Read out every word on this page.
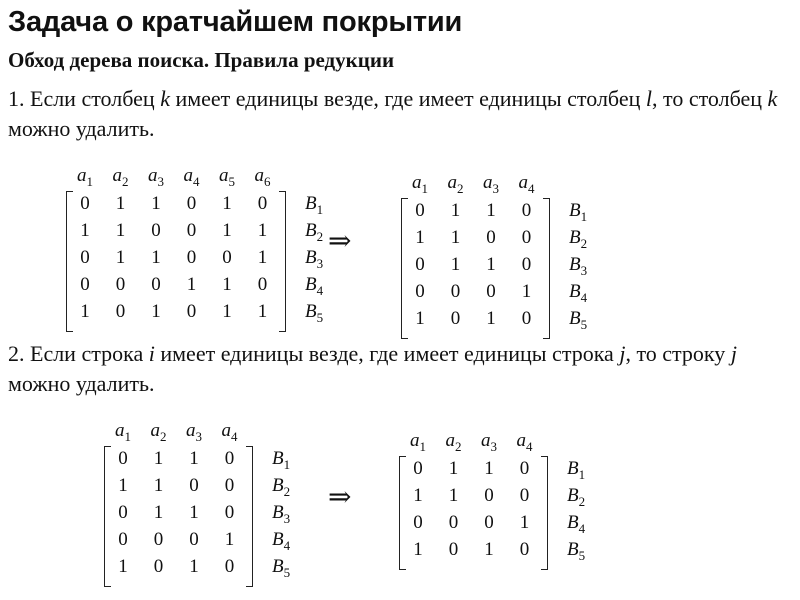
Задача о кратчайшем покрытии
Обход дерева поиска. Правила редукции
1. Если столбец k имеет единицы везде, где имеет единицы столбец l, то столбец k можно удалить.
$a_1$	$a_2$	$a_3$	$a_4$	$a_5$	$a_6$
0	1	1	0	1	0	$B_1$
1	1	0	0	1	1	$B_2$
0	1	1	0	0	1	$B_3$
0	0	0	1	1	0	$B_4$
1	0	1	0	1	1	$B_5$
⇒
$a_1$	$a_2$	$a_3$	$a_4$
0	1	1	0	$B_1$
1	1	0	0	$B_2$
0	1	1	0	$B_3$
0	0	0	1	$B_4$
1	0	1	0	$B_5$
2. Если строка i имеет единицы везде, где имеет единицы строка j, то строку j можно удалить.
$a_1$	$a_2$	$a_3$	$a_4$
0	1	1	0	$B_1$
1	1	0	0	$B_2$
0	1	1	0	$B_3$
0	0	0	1	$B_4$
1	0	1	0	$B_5$
⇒
$a_1$	$a_2$	$a_3$	$a_4$
0	1	1	0	$B_1$
1	1	0	0	$B_2$
0	0	0	1	$B_4$
1	0	1	0	$B_5$
